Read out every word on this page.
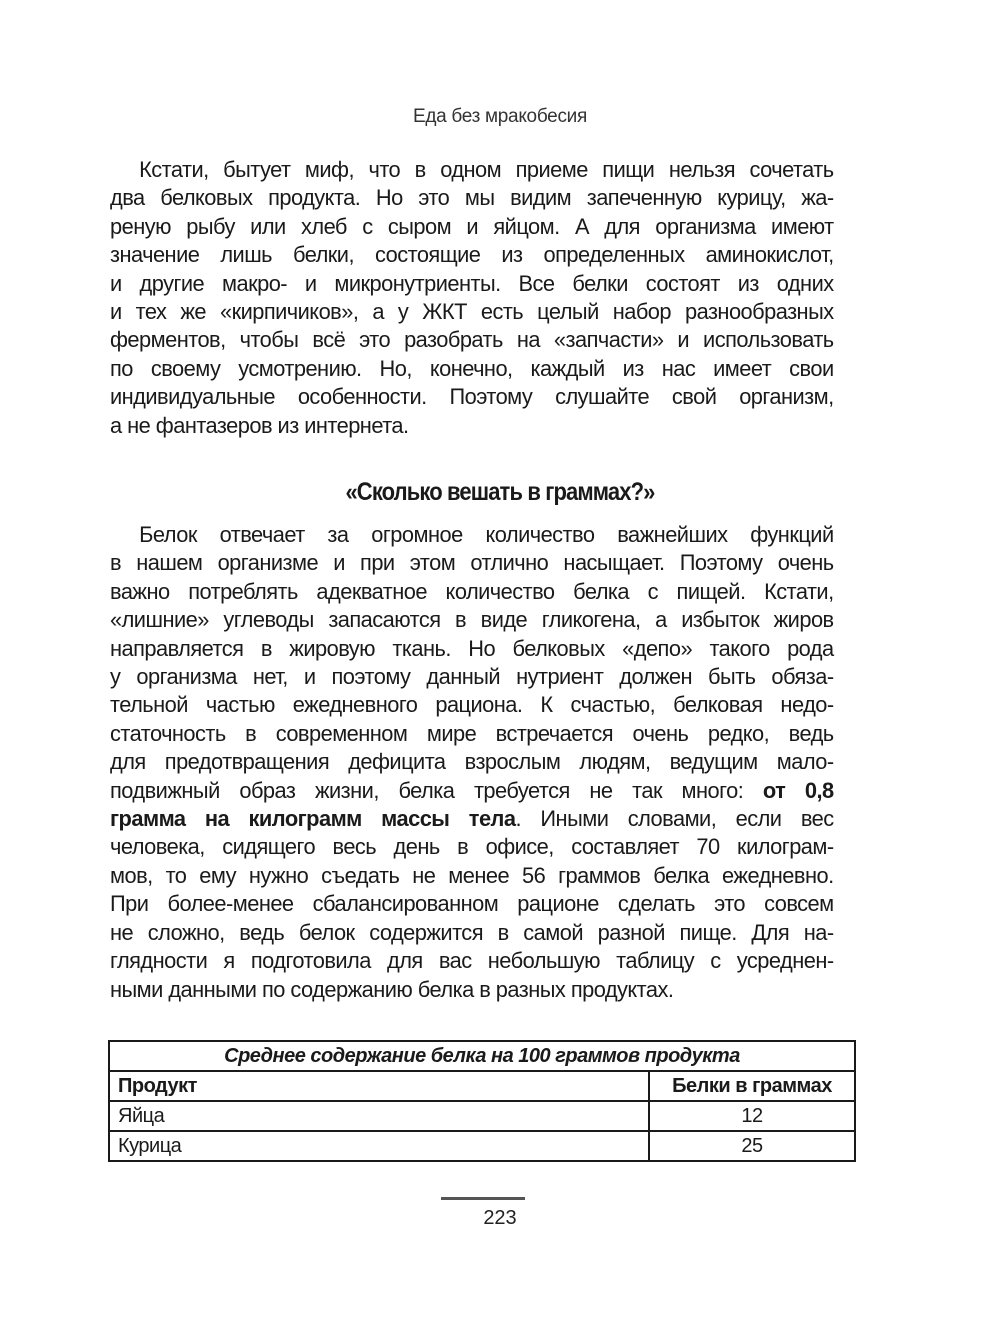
Еда без мракобесия
Кстати, бытует миф, что в одном приеме пищи нельзя сочетать
два белковых продукта. Но это мы видим запеченную курицу, жа-
реную рыбу или хлеб с сыром и яйцом. А для организма имеют
значение лишь белки, состоящие из определенных аминокислот,
и другие макро- и микронутриенты. Все белки состоят из одних
и тех же «кирпичиков», а у ЖКТ есть целый набор разнообразных
ферментов, чтобы всё это разобрать на «запчасти» и использовать
по своему усмотрению. Но, конечно, каждый из нас имеет свои
индивидуальные особенности. Поэтому слушайте свой организм,
а не фантазеров из интернета.
«Сколько вешать в граммах?»
Белок отвечает за огромное количество важнейших функций
в нашем организме и при этом отлично насыщает. Поэтому очень
важно потреблять адекватное количество белка с пищей. Кстати,
«лишние» углеводы запасаются в виде гликогена, а избыток жиров
направляется в жировую ткань. Но белковых «депо» такого рода
у организма нет, и поэтому данный нутриент должен быть обяза-
тельной частью ежедневного рациона. К счастью, белковая недо-
статочность в современном мире встречается очень редко, ведь
для предотвращения дефицита взрослым людям, ведущим мало-
подвижный образ жизни, белка требуется не так много: от 0,8
грамма на килограмм массы тела. Иными словами, если вес
человека, сидящего весь день в офисе, составляет 70 килограм-
мов, то ему нужно съедать не менее 56 граммов белка ежедневно.
При более-менее сбалансированном рационе сделать это совсем
не сложно, ведь белок содержится в самой разной пище. Для на-
глядности я подготовила для вас небольшую таблицу с усреднен-
ными данными по содержанию белка в разных продуктах.
Среднее содержание белка на 100 граммов продукта	
Продукт	Белки в граммах
Яйца	12
Курица	25
223
